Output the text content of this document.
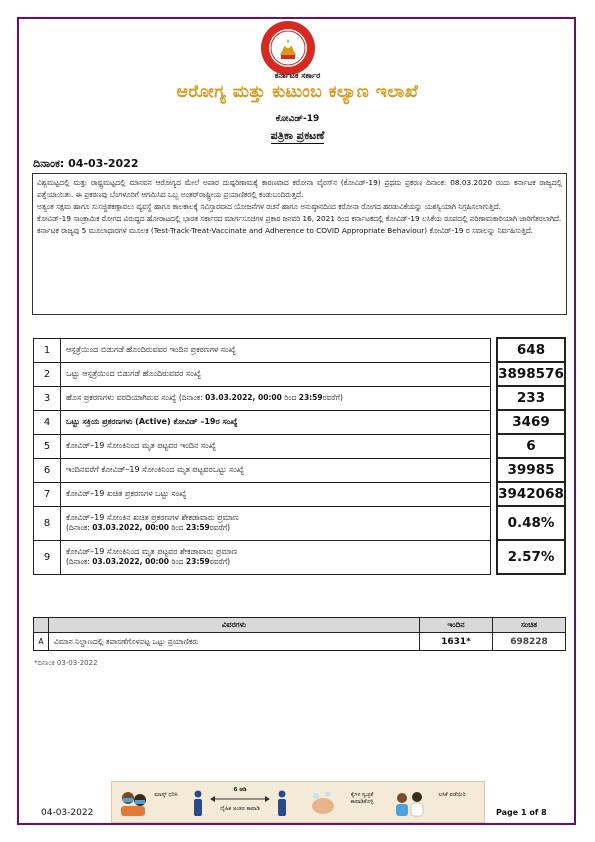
ಕರ್ನಾಟಕ ಸರ್ಕಾರ
ಆರೋಗ್ಯ ಮತ್ತು ಕುಟುಂಬ ಕಲ್ಯಾಣ ಇಲಾಖೆ
ಕೋವಿಡ್-19
ಪತ್ರಿಕಾ ಪ್ರಕಟಣೆ
ದಿನಾಂಕ: 04-03-2022

ವಿಶ್ವಮಟ್ಟದಲ್ಲಿ ಮತ್ತು ರಾಷ್ಟ್ರಮಟ್ಟದಲ್ಲಿ ಮಾನವನ ಆರೋಗ್ಯದ ಮೇಲೆ ಅಪಾರ ದುಷ್ಪರಿಣಾಮಕ್ಕೆ ಕಾರಣವಾದ ಕರೋನಾ ವೈರಸ್‌ನ (ಕೋವಿಡ್-19) ಪ್ರಥಮ ಪ್ರಕರಣ ದಿನಾಂಕ: 08.03.2020 ರಂದು ಕರ್ನಾಟಕ ರಾಜ್ಯದಲ್ಲಿ ಪತ್ತೆಯಾಯಿತು. ಈ ಪ್ರಕರಣವು ಬೆಂಗಳೂರಿಗೆ ಆಗಮಿಸಿದ ಒಬ್ಬ ಅಂತರ್‌ರಾಷ್ಟ್ರೀಯ ಪ್ರಯಾಣಿಕರಲ್ಲಿ ಕಂಡುಬಂದಿರುತ್ತದೆ.

ಅತ್ಯಂತ ಸಕ್ಷಮ ಹಾಗೂ ಸುಸಜ್ಜಿತಕಣ್ಗಾವಲು ವ್ಯವಸ್ಥೆ ಹಾಗೂ ಕಾಲಕಾಲಕ್ಕೆ ಸವಿಸ್ತಾರವಾದ ಯೋಜನೆಗಳ ರಚನೆ ಹಾಗೂ ಅನುಷ್ಠಾನದಿಂದ ಕರೋನಾ ರೋಗದ ಹರಡುವಿಕೆಯನ್ನು ಯಶಸ್ವಿಯಾಗಿ ನಿಗ್ರಹಿಸಲಾಗುತ್ತಿದೆ.

ಕೋವಿಡ್-19 ಸಾಂಕ್ರಾಮಿಕ ರೋಗದ ವಿರುದ್ಧದ ಹೋರಾಟದಲ್ಲಿ ಭಾರತ ಸರ್ಕಾರದ ಮಾರ್ಗಸೂಚಿಗಳ ಪ್ರಕಾರ ಜನವರಿ 16, 2021 ರಿಂದ ಕರ್ನಾಟಕದಲ್ಲಿ ಕೋವಿಡ್-19 ಲಸಿಕೆಯ ರೂಪದಲ್ಲಿ ಪರಿಣಾಮಕಾರಿಯಾಗಿ ಜಾರಿಗೆತರಲಾಗಿದೆ.

ಕರ್ನಾಟಕ ರಾಜ್ಯವು 5 ಮೂಲಾಧಾರಗಳ ಮೂಲಕ (Test-Track-Treat-Vaccinate and Adherence to COVID Appropriate Behaviour) ಕೋವಿಡ್-19 ರ ಸವಾಲನ್ನು ನಿರ್ವಹಿಸುತ್ತಿದೆ.

1	ಆಸ್ಪತ್ರೆಯಿಂದ ಬಿಡುಗಡೆ ಹೊಂದಿರುವವರ ಇಂದಿನ ಪ್ರಕರಣಗಳ ಸಂಖ್ಯೆ		648
2	ಒಟ್ಟು ಆಸ್ಪತ್ರೆಯಿಂದ ಬಿಡುಗಡೆ ಹೊಂದಿರುವವರ ಸಂಖ್ಯೆ		3898576
3	ಹೊಸ ಪ್ರಕರಣಗಳು ವರದಿಯಾಗಿರುವ ಸಂಖ್ಯೆ (ದಿನಾಂಕ: 03.03.2022, 00:00 ರಿಂದ 23:59ರವರೆಗೆ)		233
4	ಒಟ್ಟು ಸಕ್ರಿಯ ಪ್ರಕರಣಗಳು (Active) ಕೋವಿಡ್ –19ರ ಸಂಖ್ಯೆ		3469
5	ಕೋವಿಡ್–19 ಸೋಂಕಿನಿಂದ ಮೃತ ಪಟ್ಟವರ ಇಂದಿನ ಸಂಖ್ಯೆ		6
6	ಇಂದಿನವರೆಗೆ ಕೋವಿಡ್–19 ಸೋಂಕಿನಿಂದ ಮೃತ ಪಟ್ಟವರಒಟ್ಟು ಸಂಖ್ಯೆ		39985
7	ಕೋವಿಡ್–19 ಖಚಿತ ಪ್ರಕರಣಗಳ ಒಟ್ಟು ಸಂಖ್ಯೆ		3942068
8	ಕೋವಿಡ್–19 ಸೋಂಕಿನ ಖಚಿತ ಪ್ರಕರಣಗಳ ಶೇಕಡಾವಾರು ಪ್ರಮಾಣ
(ದಿನಾಂಕ: 03.03.2022, 00:00 ರಿಂದ 23:59ರವರೆಗೆ)		0.48%
9	ಕೋವಿಡ್–19 ಸೋಂಕಿನಿಂದ ಮೃತ ಪಟ್ಟವರ ಶೇಕಡಾವಾರು ಪ್ರಮಾಣ
(ದಿನಾಂಕ: 03.03.2022, 00:00 ರಿಂದ 23:59ರವರೆಗೆ)		2.57%
	ವಿವರಗಳು	ಇಂದಿನ	ಸಂಚಿತ
A	ವಿಮಾನ ನಿಲ್ದಾಣದಲ್ಲಿ ತಪಾಸಣೆಗೊಳಪಟ್ಟ ಒಟ್ಟು ಪ್ರಯಾಣಿಕರು	1631*	698228
*ದಿನಾಂಕ 03-03-2022
ಮಾಸ್ಕ್ ಧರಿಸಿ
6 ಅಡಿ
ದೈಹಿಕ ಅಂತರ ಕಾಪಾಡಿ
ಕೈಗಳ ಸ್ವಚ್ಛತೆ ಕಾಪಾಡಿಕೊಳ್ಳಿ
ಲಸಿಕೆ ಪಡೆಯಿರಿ
04-03-2022	Page 1 of 8
